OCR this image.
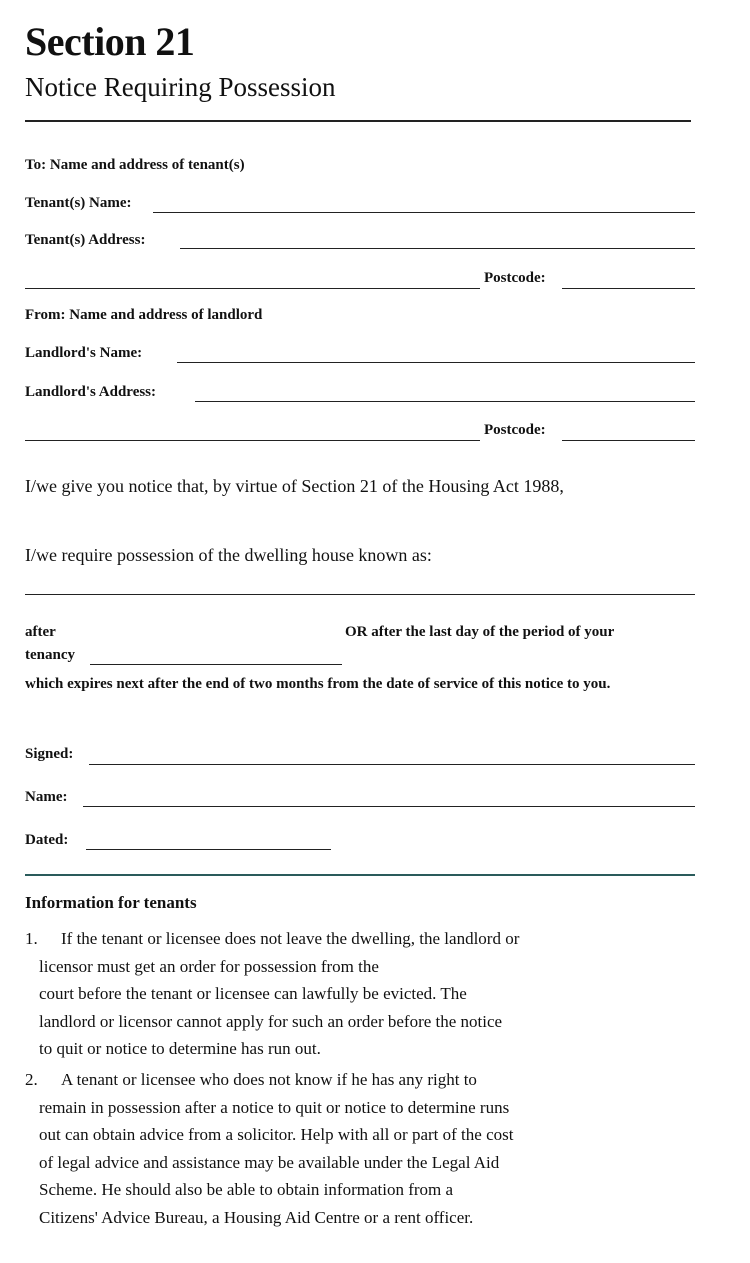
Section 21
Notice Requiring Possession
To: Name and address of tenant(s)
Tenant(s) Name:
Tenant(s) Address:
Postcode:
From: Name and address of landlord
Landlord's Name:
Landlord's Address:
Postcode:
I/we give you notice that, by virtue of Section 21 of the Housing Act 1988,
I/we require possession of the dwelling house known as:
after	OR after the last day of the period of your
tenancy
which expires next after the end of two months from the date of service of this notice to you.
Signed:
Name:
Dated:
Information for tenants
1. If the tenant or licensee does not leave the dwelling, the landlord or
licensor must get an order for possession from the
court before the tenant or licensee can lawfully be evicted. The
landlord or licensor cannot apply for such an order before the notice
to quit or notice to determine has run out.
2. A tenant or licensee who does not know if he has any right to
remain in possession after a notice to quit or notice to determine runs
out can obtain advice from a solicitor. Help with all or part of the cost
of legal advice and assistance may be available under the Legal Aid
Scheme. He should also be able to obtain information from a
Citizens' Advice Bureau, a Housing Aid Centre or a rent officer.
